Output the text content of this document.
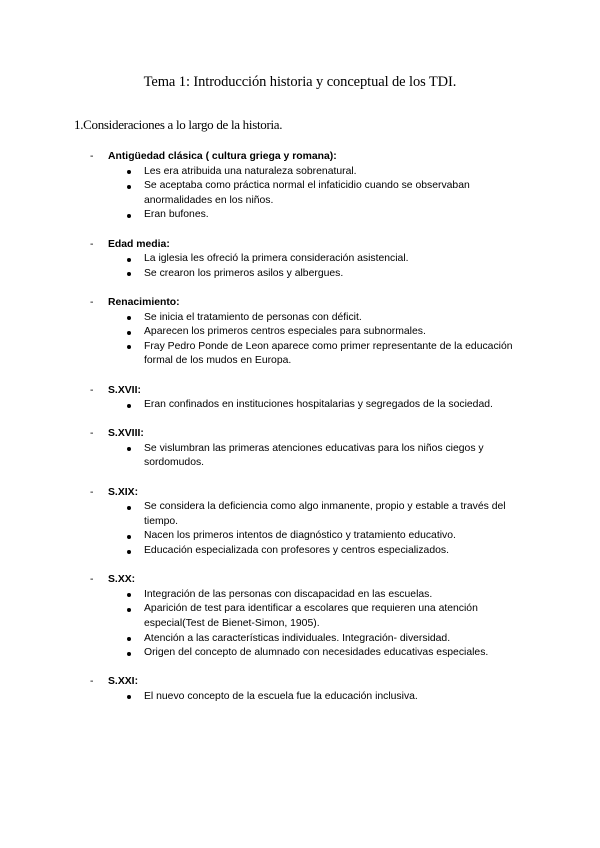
Tema 1: Introducción historia y conceptual de los TDI.
1.Consideraciones a lo largo de la historia.
- Antigüedad clásica ( cultura griega y romana):
Les era atribuida una naturaleza sobrenatural.
Se aceptaba como práctica normal el infaticidio cuando se observaban anormalidades en los niños.
Eran bufones.
- Edad media:
La iglesia les ofreció la primera consideración asistencial.
Se crearon los primeros asilos y albergues.
- Renacimiento:
Se inicia el tratamiento de personas con déficit.
Aparecen los primeros centros especiales para subnormales.
Fray Pedro Ponde de Leon aparece como primer representante de la educación formal de los mudos en Europa.
- S.XVII:
Eran confinados en instituciones hospitalarias y segregados de la sociedad.
- S.XVIII:
Se vislumbran las primeras atenciones educativas para los niños ciegos y sordomudos.
- S.XIX:
Se considera la deficiencia como algo inmanente, propio y estable a través del tiempo.
Nacen los primeros intentos de diagnóstico y tratamiento educativo.
Educación especializada con profesores y centros especializados.
- S.XX:
Integración de las personas con discapacidad en las escuelas.
Aparición de test para identificar a escolares que requieren una atención especial(Test de Bienet-Simon, 1905).
Atención a las características individuales. Integración- diversidad.
Origen del concepto de alumnado con necesidades educativas especiales.
- S.XXI:
El nuevo concepto de la escuela fue la educación inclusiva.
